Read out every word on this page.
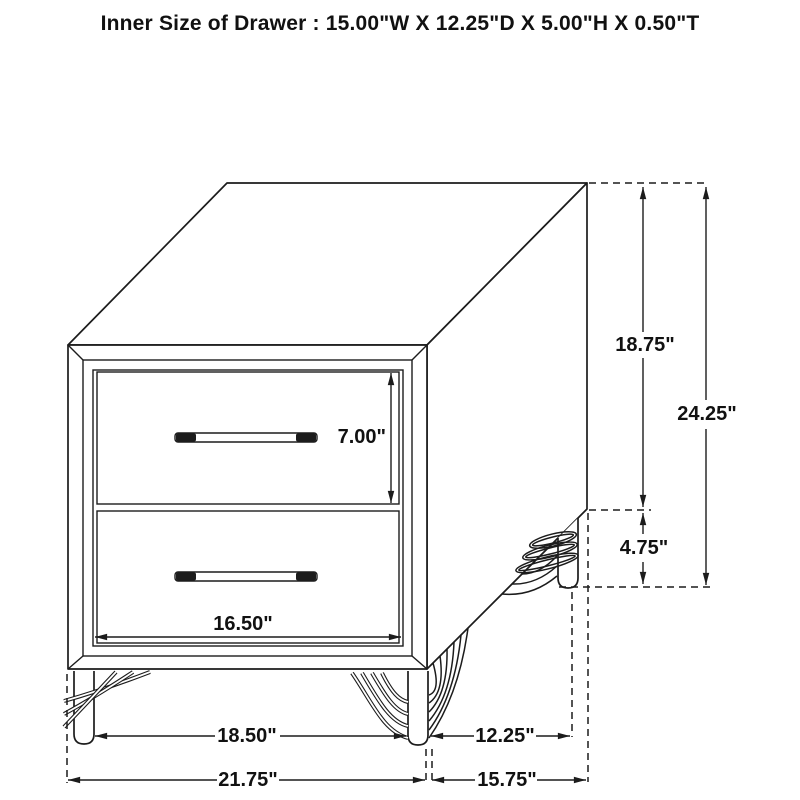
Inner Size of Drawer : 15.00"W X 12.25"D X 5.00"H X 0.50"T
7.00"
16.50"
18.50"
21.75"
12.25"
15.75"
18.75"
24.25"
4.75"
